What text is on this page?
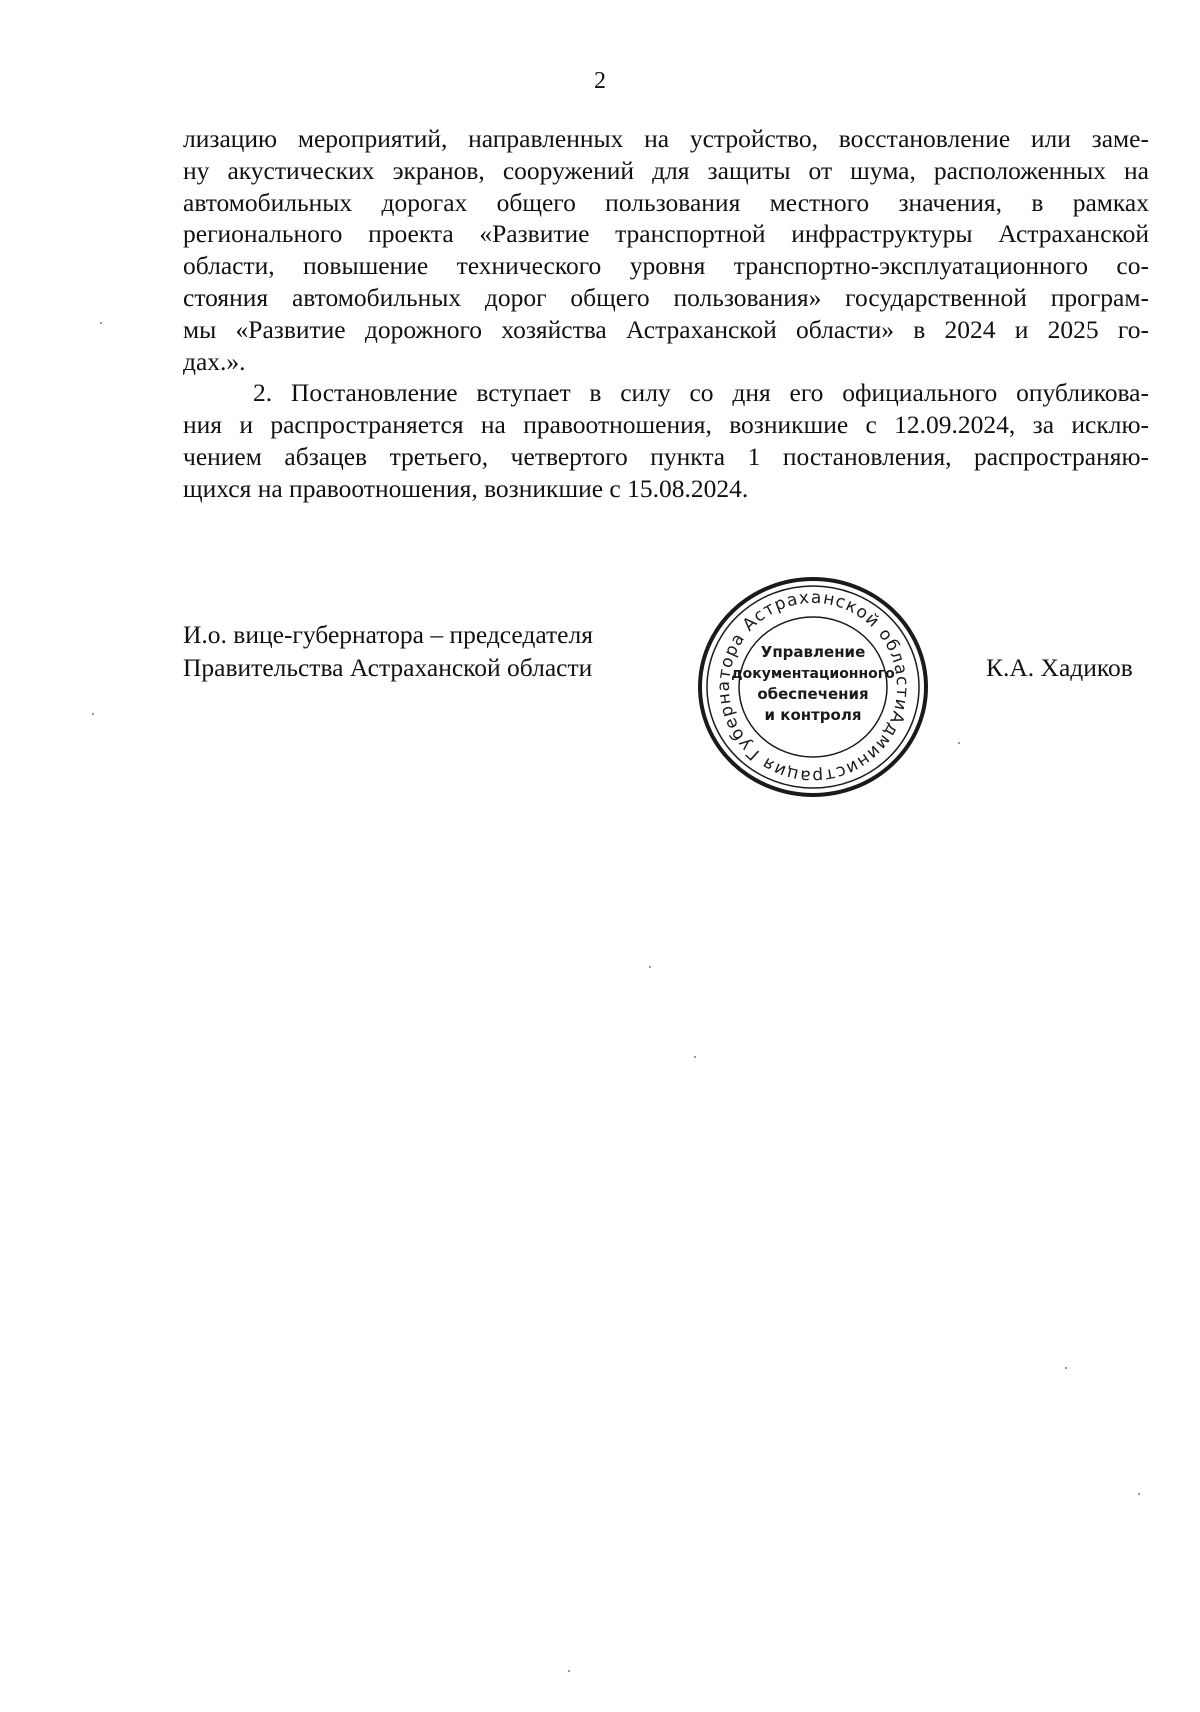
2
лизацию мероприятий, направленных на устройство, восстановление или заме-
ну акустических экранов, сооружений для защиты от шума, расположенных на
автомобильных дорогах общего пользования местного значения, в рамках
регионального проекта «Развитие транспортной инфраструктуры Астраханской
области, повышение технического уровня транспортно-эксплуатационного со-
стояния автомобильных дорог общего пользования» государственной програм-
мы «Развитие дорожного хозяйства Астраханской области» в 2024 и 2025 го-
дах.».
2. Постановление вступает в силу со дня его официального опубликова-
ния и распространяется на правоотношения, возникшие с 12.09.2024, за исклю-
чением абзацев третьего, четвертого пункта 1 постановления, распространяю-
щихся на правоотношения, возникшие с 15.08.2024.
И.о. вице-губернатора – председателя
Правительства Астраханской области	К.А. Хадиков
Администрация Губернатора Астраханской области
Управление
документационного
обеспечения
и контроля
